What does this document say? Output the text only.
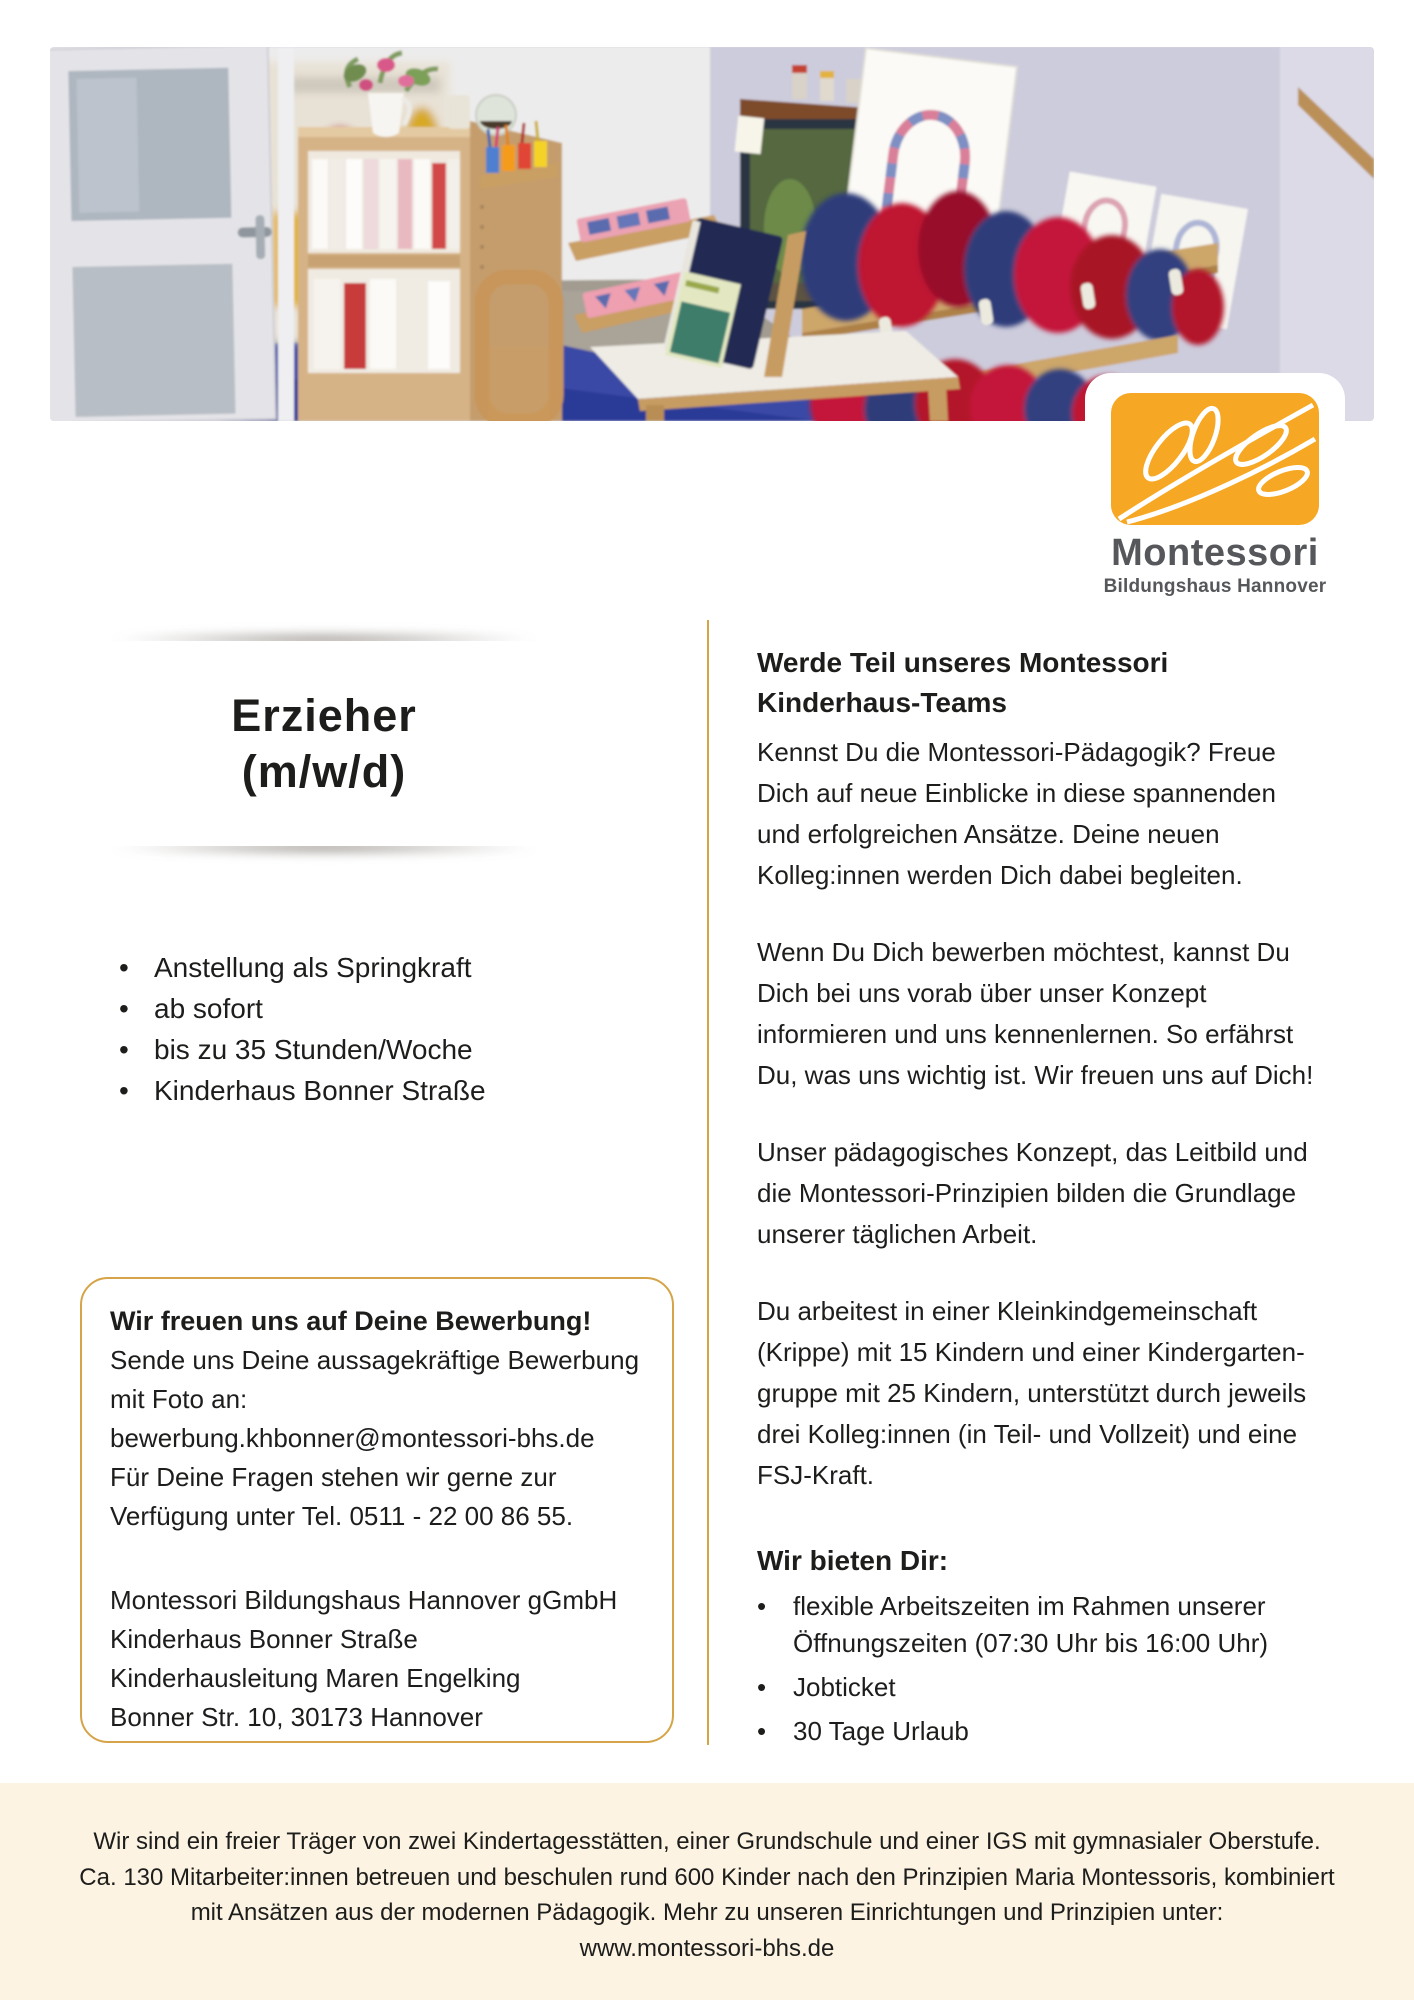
Montessori
Bildungshaus Hannover
Erzieher
(m/w/d)
• Anstellung als Springkraft
• ab sofort
• bis zu 35 Stunden/Woche
• Kinderhaus Bonner Straße
Wir freuen uns auf Deine Bewerbung!
Sende uns Deine aussagekräftige Bewerbung
mit Foto an:
bewerbung.khbonner@montessori-bhs.de
Für Deine Fragen stehen wir gerne zur
Verfügung unter Tel. 0511 - 22 00 86 55.
Montessori Bildungshaus Hannover gGmbH
Kinderhaus Bonner Straße
Kinderhausleitung Maren Engelking
Bonner Str. 10, 30173 Hannover
Werde Teil unseres Montessori
Kinderhaus-Teams

Kennst Du die Montessori-Pädagogik? Freue Dich auf neue Einblicke in diese spannenden und erfolgreichen Ansätze. Deine neuen Kolleg:innen werden Dich dabei begleiten.

Wenn Du Dich bewerben möchtest, kannst Du Dich bei uns vorab über unser Konzept informieren und uns kennenlernen. So erfährst Du, was uns wichtig ist. Wir freuen uns auf Dich!

Unser pädagogisches Konzept, das Leitbild und die Montessori-Prinzipien bilden die Grundlage unserer täglichen Arbeit.

Du arbeitest in einer Kleinkindgemeinschaft (Krippe) mit 15 Kindern und einer Kindergarten-gruppe mit 25 Kindern, unterstützt durch jeweils drei Kolleg:innen (in Teil- und Vollzeit) und eine FSJ-Kraft.

Wir bieten Dir:
• flexible Arbeitszeiten im Rahmen unserer Öffnungszeiten (07:30 Uhr bis 16:00 Uhr)
• Jobticket
• 30 Tage Urlaub
Wir sind ein freier Träger von zwei Kindertagesstätten, einer Grundschule und einer IGS mit gymnasialer Oberstufe.
Ca. 130 Mitarbeiter:innen betreuen und beschulen rund 600 Kinder nach den Prinzipien Maria Montessoris, kombiniert
mit Ansätzen aus der modernen Pädagogik. Mehr zu unseren Einrichtungen und Prinzipien unter:
www.montessori-bhs.de
